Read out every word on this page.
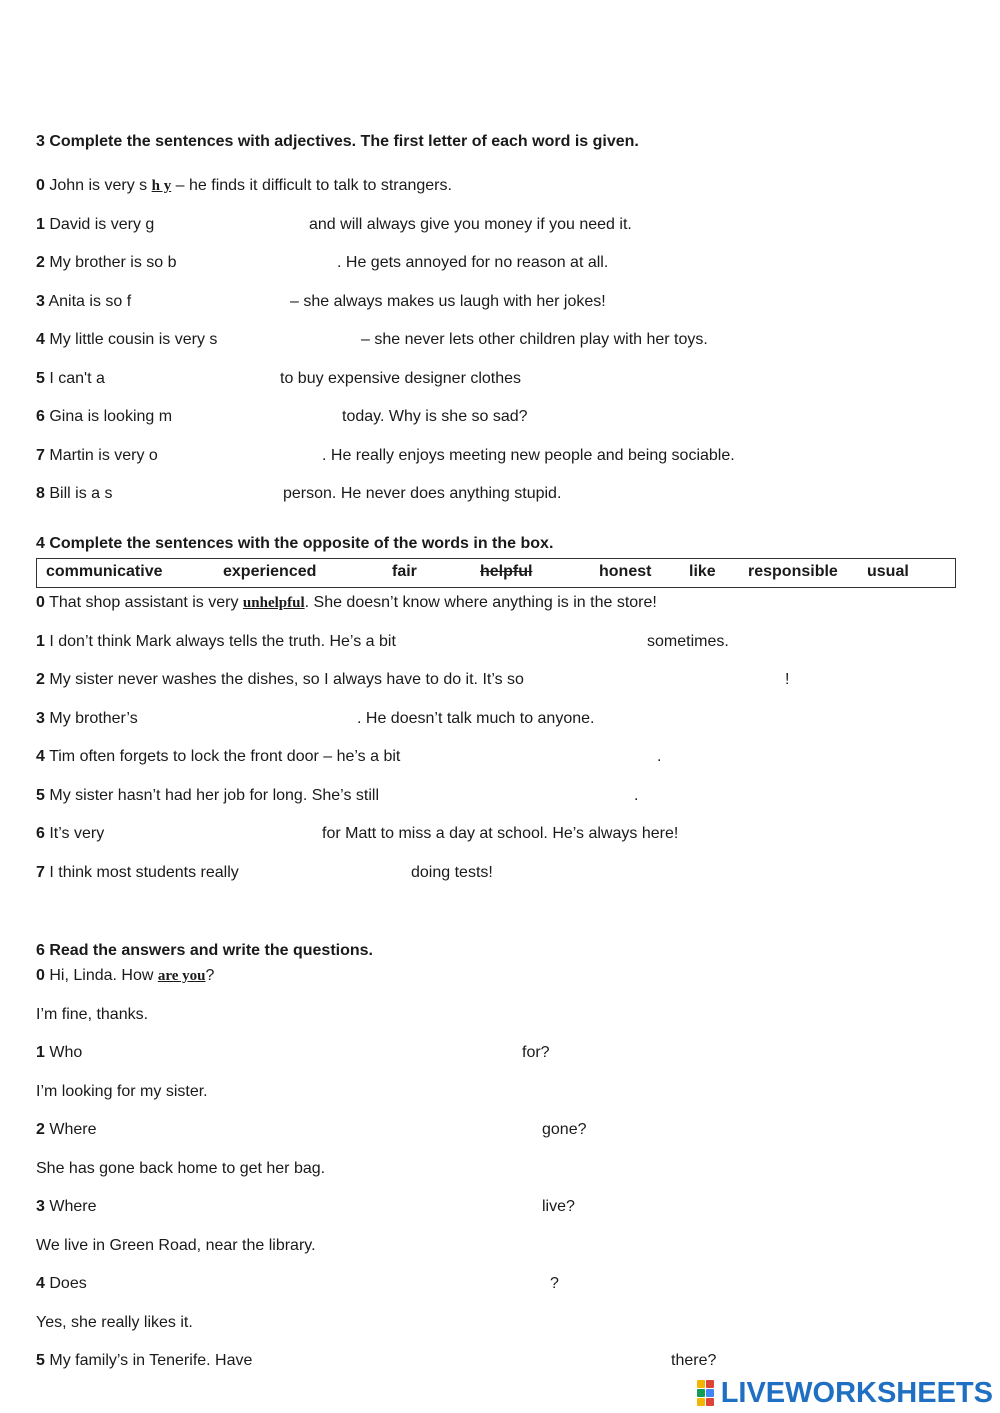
3 Complete the sentences with adjectives. The first letter of each word is given.
0 John is very s h y – he finds it difficult to talk to strangers.
1 David is very g	and will always give you money if you need it.
2 My brother is so b	. He gets annoyed for no reason at all.
3 Anita is so f	– she always makes us laugh with her jokes!
4 My little cousin is very s	– she never lets other children play with her toys.
5 I can't a	to buy expensive designer clothes
6 Gina is looking m	today. Why is she so sad?
7 Martin is very o	. He really enjoys meeting new people and being sociable.
8 Bill is a s	person. He never does anything stupid.
4 Complete the sentences with the opposite of the words in the box.
communicative	experienced	fair	helpful	honest like responsible usual
0 That shop assistant is very unhelpful. She doesn’t know where anything is in the store!
1 I don’t think Mark always tells the truth. He’s a bit	sometimes.
2 My sister never washes the dishes, so I always have to do it. It’s so	!
3 My brother’s	. He doesn’t talk much to anyone.
4 Tim often forgets to lock the front door – he’s a bit	.
5 My sister hasn’t had her job for long. She’s still	.
6 It’s very	for Matt to miss a day at school. He’s always here!
7 I think most students really	doing tests!
6 Read the answers and write the questions.
0 Hi, Linda. How are you?
I’m fine, thanks.
1 Who	for?
I’m looking for my sister.
2 Where	gone?
She has gone back home to get her bag.
3 Where	live?
We live in Green Road, near the library.
4 Does	?
Yes, she really likes it.
5 My family’s in Tenerife. Have	there?
LIVEWORKSHEETS
